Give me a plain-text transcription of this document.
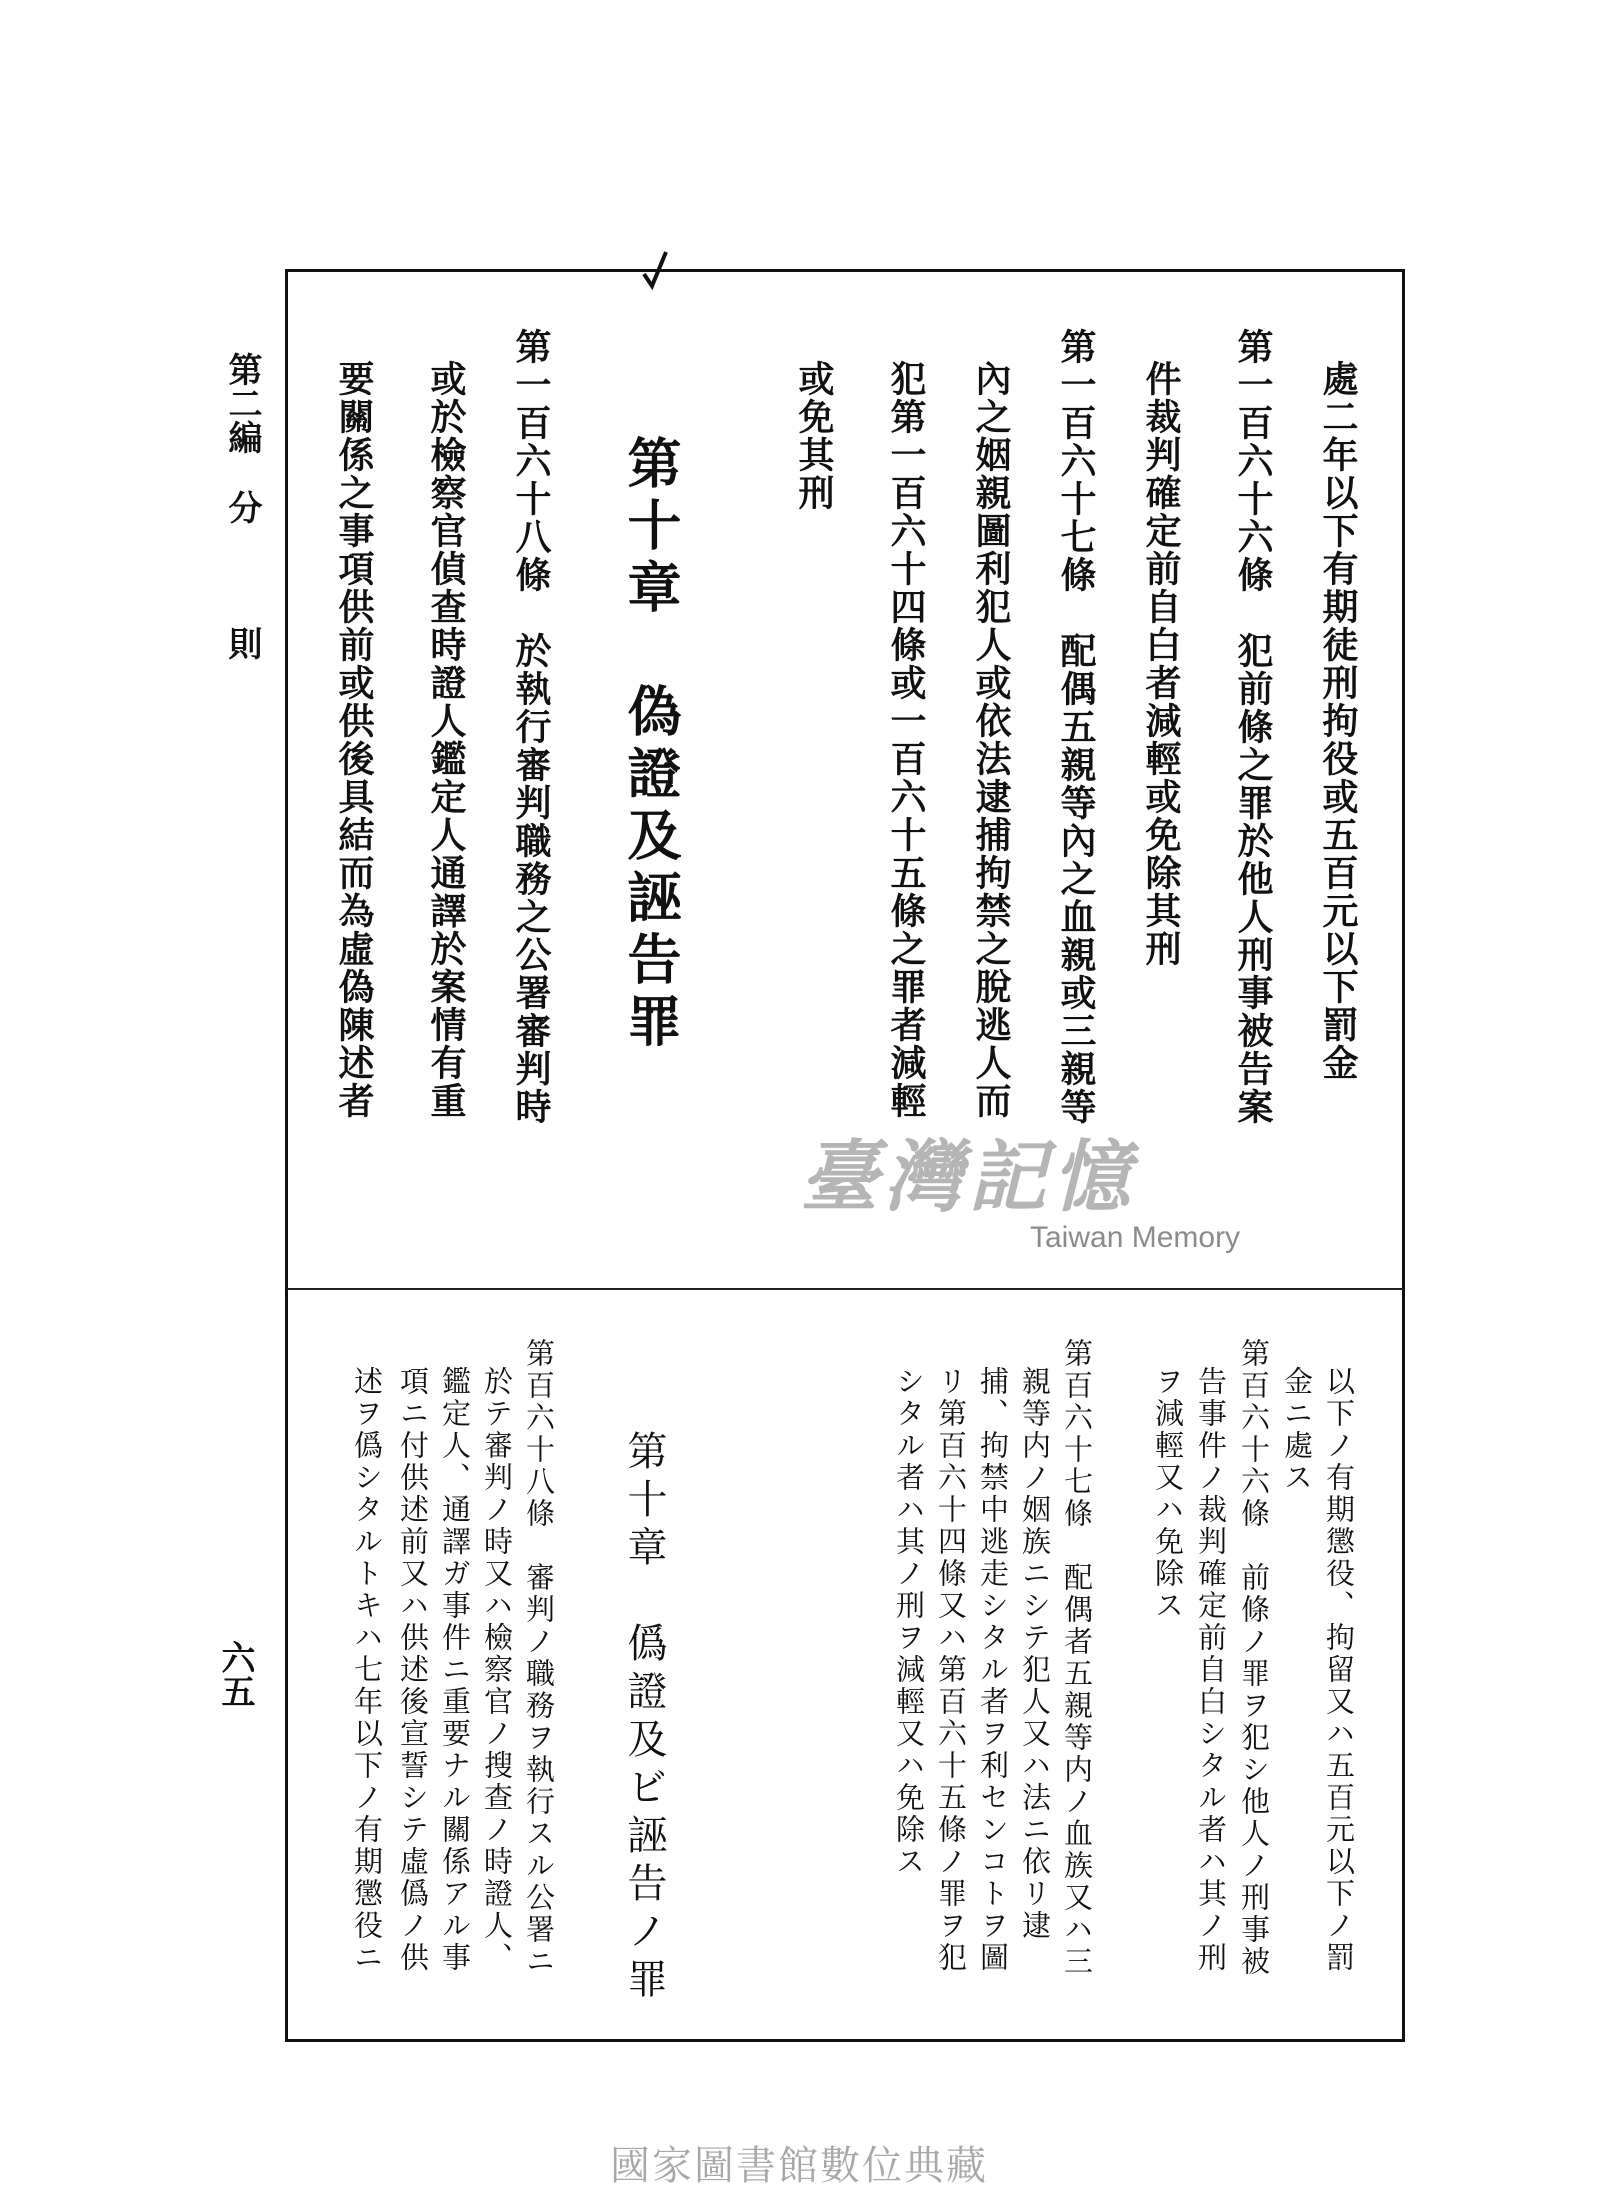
第二編
分
則
六五
處二年以下有期徒刑拘役或五百元以下罰金
第一百六十六條　犯前條之罪於他人刑事被告案
件裁判確定前自白者減輕或免除其刑
第一百六十七條　配偶五親等內之血親或三親等
內之姻親圖利犯人或依法逮捕拘禁之脫逃人而
犯第一百六十四條或一百六十五條之罪者減輕
或免其刑
第十章　偽證及誣告罪
第一百六十八條　於執行審判職務之公署審判時
或於檢察官偵查時證人鑑定人通譯於案情有重
要關係之事項供前或供後具結而為虛偽陳述者
以下ノ有期懲役、拘留又ハ五百元以下ノ罰
金ニ處ス
第百六十六條　前條ノ罪ヲ犯シ他人ノ刑事被
告事件ノ裁判確定前自白シタル者ハ其ノ刑
ヲ減輕又ハ免除ス
第百六十七條　配偶者五親等内ノ血族又ハ三
親等内ノ姻族ニシテ犯人又ハ法ニ依リ逮
捕、拘禁中逃走シタル者ヲ利センコトヲ圖
リ第百六十四條又ハ第百六十五條ノ罪ヲ犯
シタル者ハ其ノ刑ヲ減輕又ハ免除ス
第十章　僞證及ビ誣告ノ罪
第百六十八條　審判ノ職務ヲ執行スル公署ニ
於テ審判ノ時又ハ檢察官ノ搜查ノ時證人、
鑑定人、通譯ガ事件ニ重要ナル關係アル事
項ニ付供述前又ハ供述後宣誓シテ虛僞ノ供
述ヲ僞シタルトキハ七年以下ノ有期懲役ニ
臺灣記憶
Taiwan Memory
國家圖書館數位典藏
